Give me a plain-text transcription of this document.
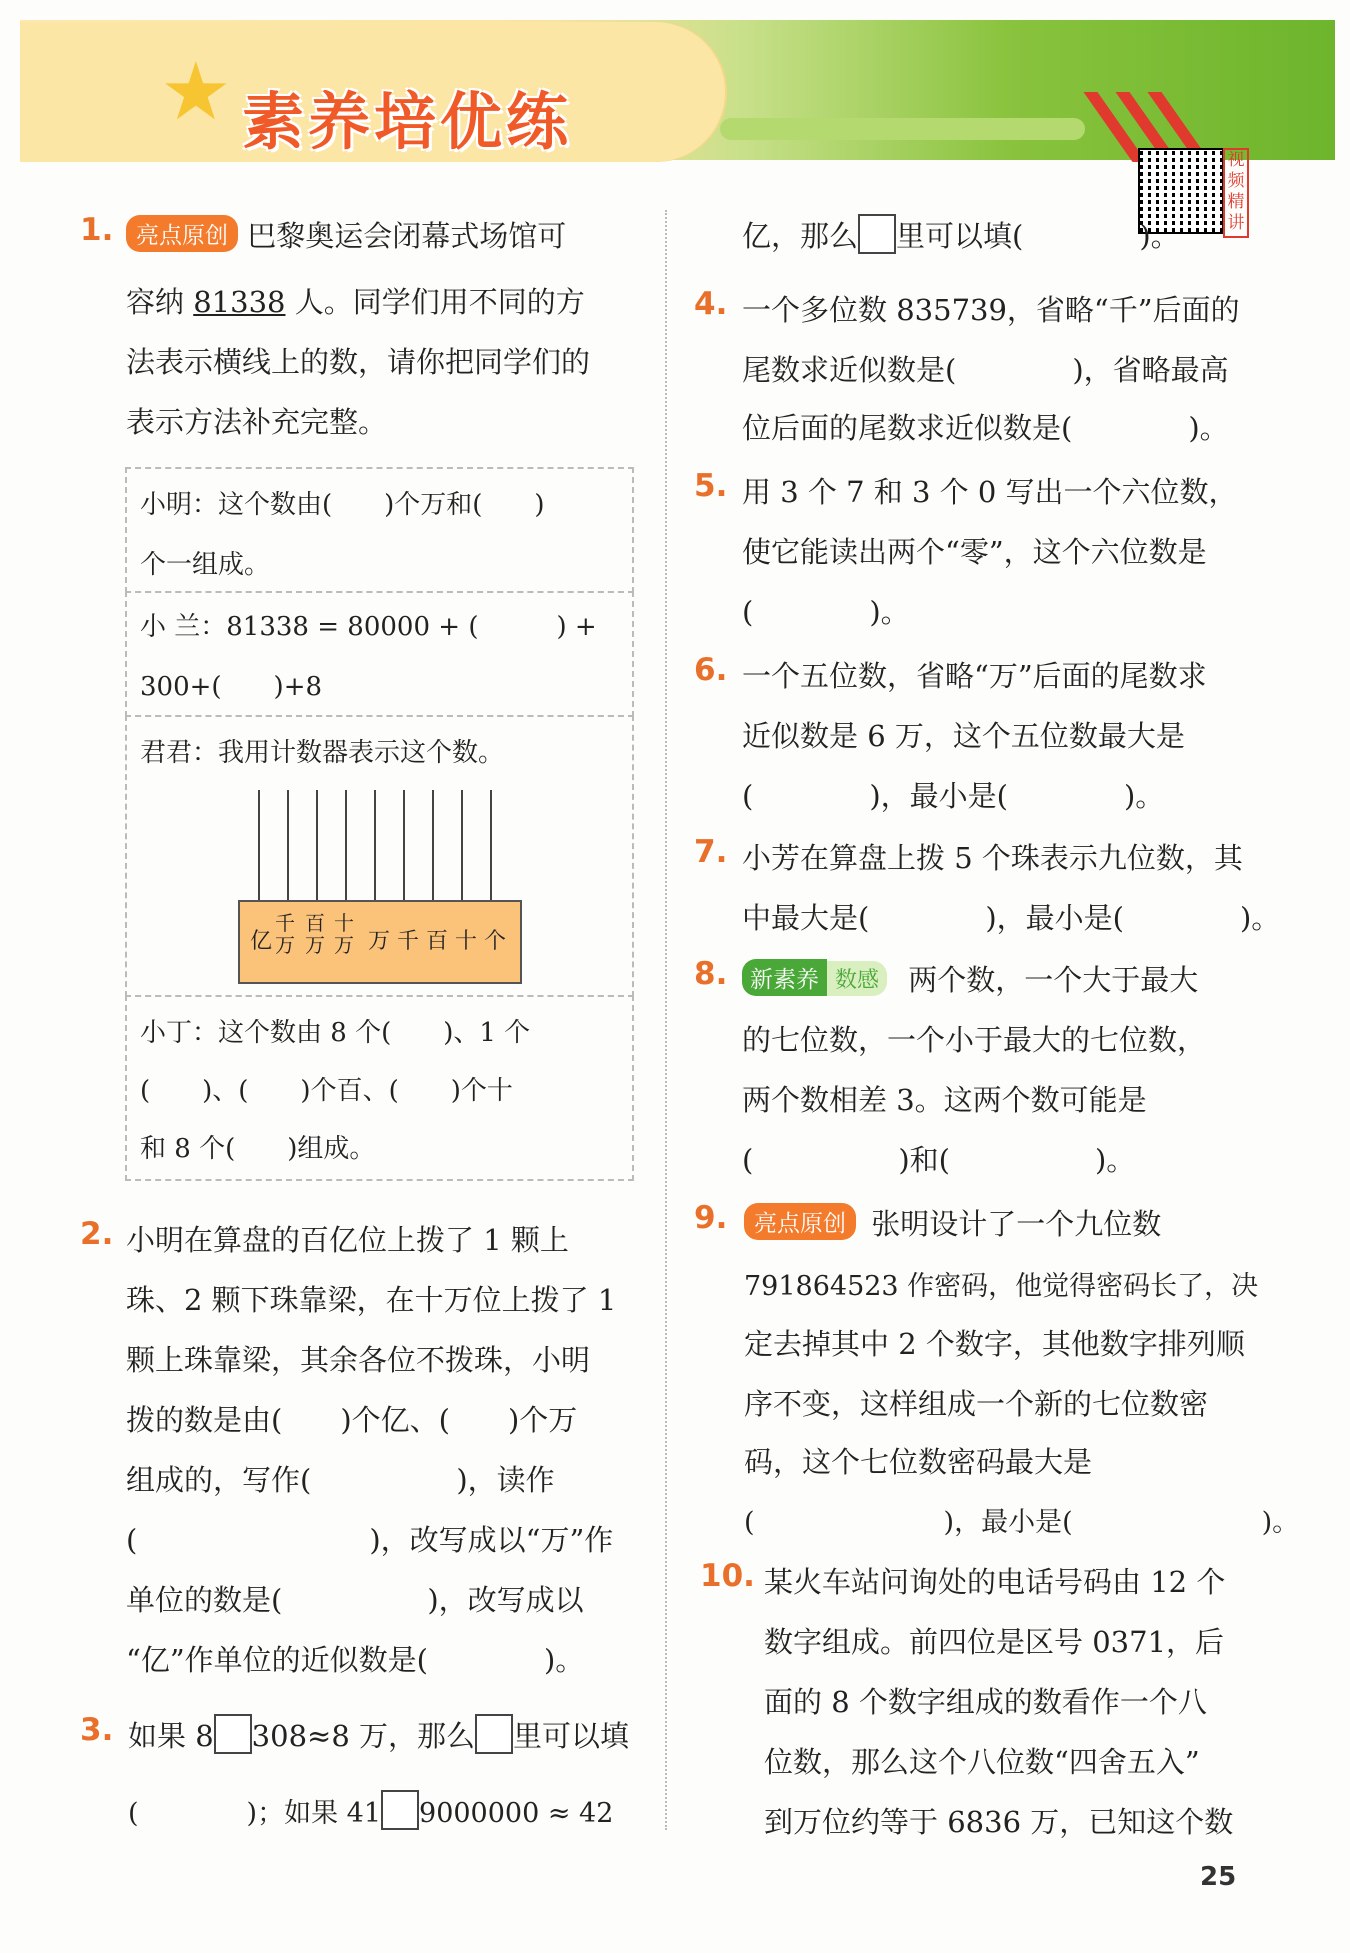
★ 素养培优练
视频精讲
1. 亮点原创 巴黎奥运会闭幕式场馆可
容纳 81338 人。同学们用不同的方
法表示横线上的数，请你把同学们的
表示方法补充完整。
小明：这个数由(　　)个万和(　　)
个一组成。
小 兰：81338 = 80000 + (　　　) +
300+(　　)+8
君君：我用计数器表示这个数。
亿
千万
百万
十万 万 千 百 十 个
小丁：这个数由 8 个(　　)、1 个
(　　)、(　　)个百、(　　)个十
和 8 个(　　)组成。
2. 小明在算盘的百亿位上拨了 1 颗上
珠、2 颗下珠靠梁，在十万位上拨了 1
颗上珠靠梁，其余各位不拨珠，小明
拨的数是由(　　)个亿、(　　)个万
组成的，写作(　　　　　)，读作
(　　　　　　　　)，改写成以“万”作
单位的数是(　　　　　)，改写成以
“亿”作单位的近似数是(　　　　)。
3. 如果 8 308≈8 万，那么 里可以填
(　　　　)；如果 41 9000000 ≈ 42
亿，那么 里可以填(　　　　)。
4. 一个多位数 835739，省略“千”后面的
尾数求近似数是(　　　　)，省略最高
位后面的尾数求近似数是(　　　　)。
5. 用 3 个 7 和 3 个 0 写出一个六位数，
使它能读出两个“零”，这个六位数是
(　　　　)。
6. 一个五位数，省略“万”后面的尾数求
近似数是 6 万，这个五位数最大是
(　　　　)，最小是(　　　　)。
7. 小芳在算盘上拨 5 个珠表示九位数，其
中最大是(　　　　)，最小是(　　　　)。
8. 新素养 数感 两个数，一个大于最大
的七位数，一个小于最大的七位数，
两个数相差 3。这两个数可能是
(　　　　　)和(　　　　　)。
9.	亮点原创 张明设计了一个九位数
791864523 作密码，他觉得密码长了，决
定去掉其中 2 个数字，其他数字排列顺
序不变，这样组成一个新的七位数密
码，这个七位数密码最大是
(　　　　　　　)，最小是(　　　　　　　)。
10. 某火车站问询处的电话号码由 12 个
数字组成。前四位是区号 0371，后
面的 8 个数字组成的数看作一个八
位数，那么这个八位数“四舍五入”
到万位约等于 6836 万，已知这个数
25
